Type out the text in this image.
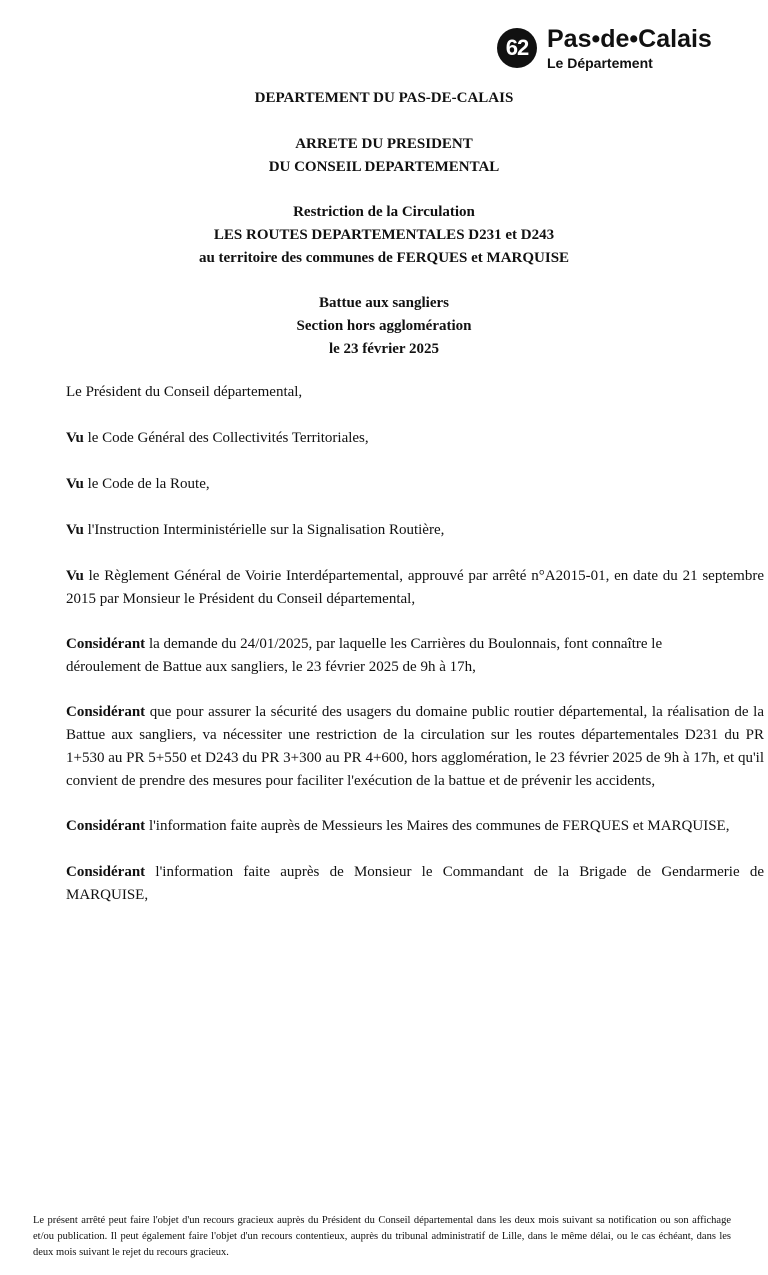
62 Pas•de•Calais
Le Département
DEPARTEMENT DU PAS-DE-CALAIS
ARRETE DU PRESIDENT
DU CONSEIL DEPARTEMENTAL
Restriction de la Circulation
LES ROUTES DEPARTEMENTALES D231 et D243
au territoire des communes de FERQUES et MARQUISE
Battue aux sangliers
Section hors agglomération
le 23 février 2025
Le Président du Conseil départemental,
Vu le Code Général des Collectivités Territoriales,
Vu le Code de la Route,
Vu l'Instruction Interministérielle sur la Signalisation Routière,
Vu le Règlement Général de Voirie Interdépartemental, approuvé par arrêté n°A2015-01, en date du 21 septembre 2015 par Monsieur le Président du Conseil départemental,
Considérant la demande du 24/01/2025, par laquelle les Carrières du Boulonnais, font connaître le
déroulement de Battue aux sangliers, le 23 février 2025 de 9h à 17h,
Considérant que pour assurer la sécurité des usagers du domaine public routier départemental, la réalisation de la Battue aux sangliers, va nécessiter une restriction de la circulation sur les routes départementales D231 du PR 1+530 au PR 5+550 et D243 du PR 3+300 au PR 4+600, hors agglomération, le 23 février 2025 de 9h à 17h, et qu'il convient de prendre des mesures pour faciliter l'exécution de la battue et de prévenir les accidents,
Considérant l'information faite auprès de Messieurs les Maires des communes de FERQUES et MARQUISE,
Considérant l'information faite auprès de Monsieur le Commandant de la Brigade de Gendarmerie de MARQUISE,
Le présent arrêté peut faire l'objet d'un recours gracieux auprès du Président du Conseil départemental dans les deux mois suivant sa notification ou son affichage et/ou publication. Il peut également faire l'objet d'un recours contentieux, auprès du tribunal administratif de Lille, dans le même délai, ou le cas échéant, dans les deux mois suivant le rejet du recours gracieux.
